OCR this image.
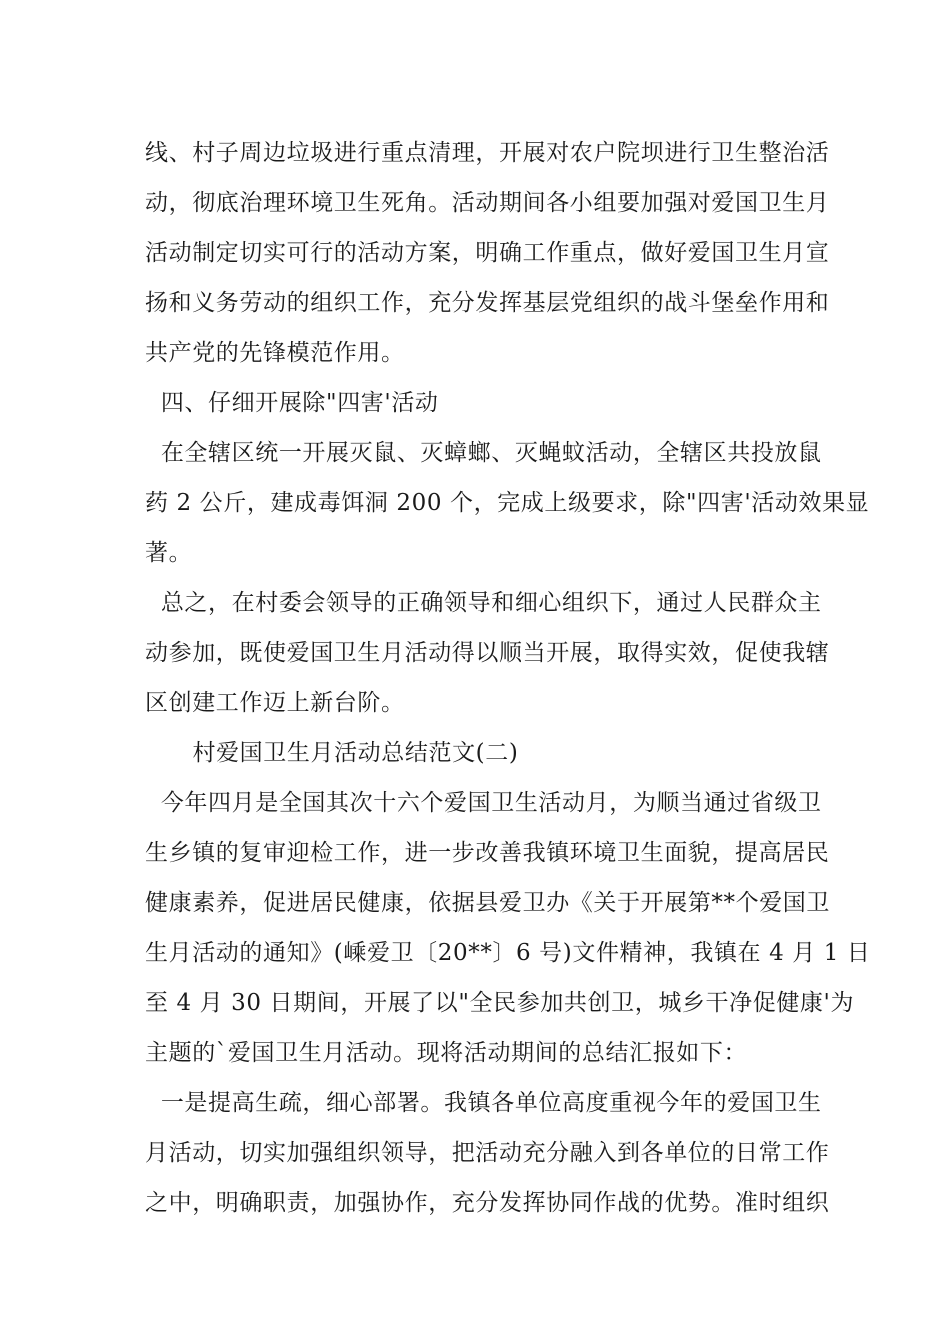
线、村子周边垃圾进行重点清理，开展对农户院坝进行卫生整治活
动，彻底治理环境卫生死角。活动期间各小组要加强对爱国卫生月
活动制定切实可行的活动方案，明确工作重点，做好爱国卫生月宣
扬和义务劳动的组织工作，充分发挥基层党组织的战斗堡垒作用和
共产党的先锋模范作用。
四、仔细开展除"四害'活动
在全辖区统一开展灭鼠、灭蟑螂、灭蝇蚊活动，全辖区共投放鼠
药 2 公斤，建成毒饵洞 200 个，完成上级要求，除"四害'活动效果显
著。
总之，在村委会领导的正确领导和细心组织下，通过人民群众主
动参加，既使爱国卫生月活动得以顺当开展，取得实效，促使我辖
区创建工作迈上新台阶。
村爱国卫生月活动总结范文(二)
今年四月是全国其次十六个爱国卫生活动月，为顺当通过省级卫
生乡镇的复审迎检工作，进一步改善我镇环境卫生面貌，提高居民
健康素养，促进居民健康，依据县爱卫办《关于开展第**个爱国卫
生月活动的通知》(嵊爱卫〔20**〕6 号)文件精神，我镇在 4 月 1 日
至 4 月 30 日期间，开展了以"全民参加共创卫，城乡干净促健康'为
主题的`爱国卫生月活动。现将活动期间的总结汇报如下：
一是提高生疏，细心部署。我镇各单位高度重视今年的爱国卫生
月活动，切实加强组织领导，把活动充分融入到各单位的日常工作
之中，明确职责，加强协作，充分发挥协同作战的优势。准时组织
